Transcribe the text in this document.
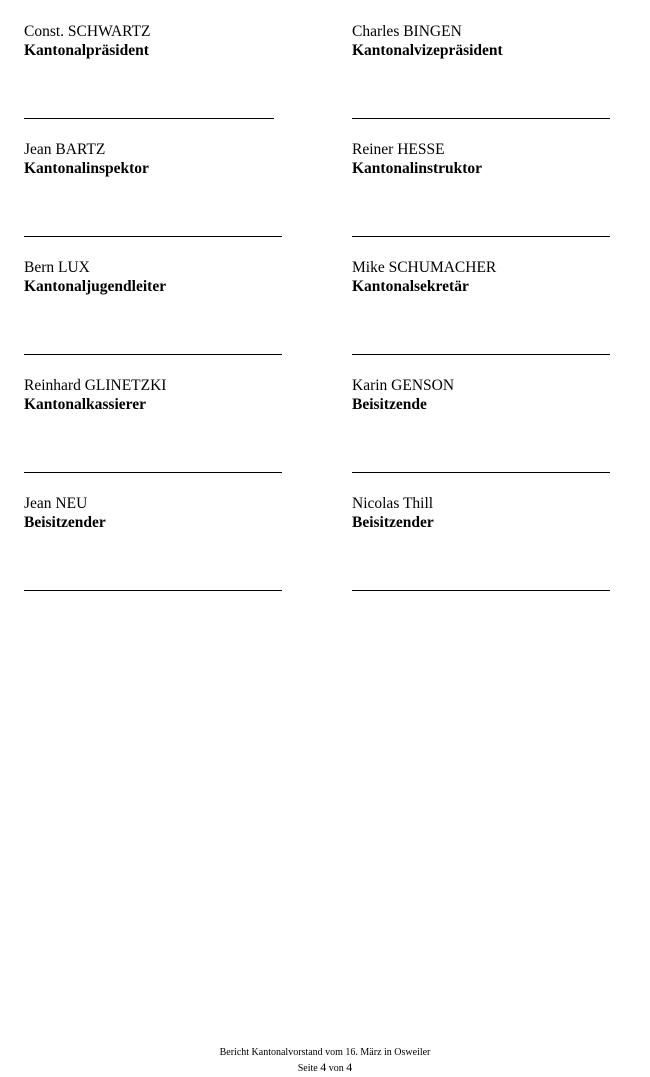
Const. SCHWARTZ
Kantonalpräsident
Charles BINGEN
Kantonalvizepräsident
Jean BARTZ
Kantonalinspektor
Reiner HESSE
Kantonalinstruktor
Bern LUX
Kantonaljugendleiter
Mike SCHUMACHER
Kantonalsekretär
Reinhard GLINETZKI
Kantonalkassierer
Karin GENSON
Beisitzende
Jean NEU
Beisitzender
Nicolas Thill
Beisitzender
Bericht Kantonalvorstand vom 16. März in Osweiler
Seite 4 von 4
